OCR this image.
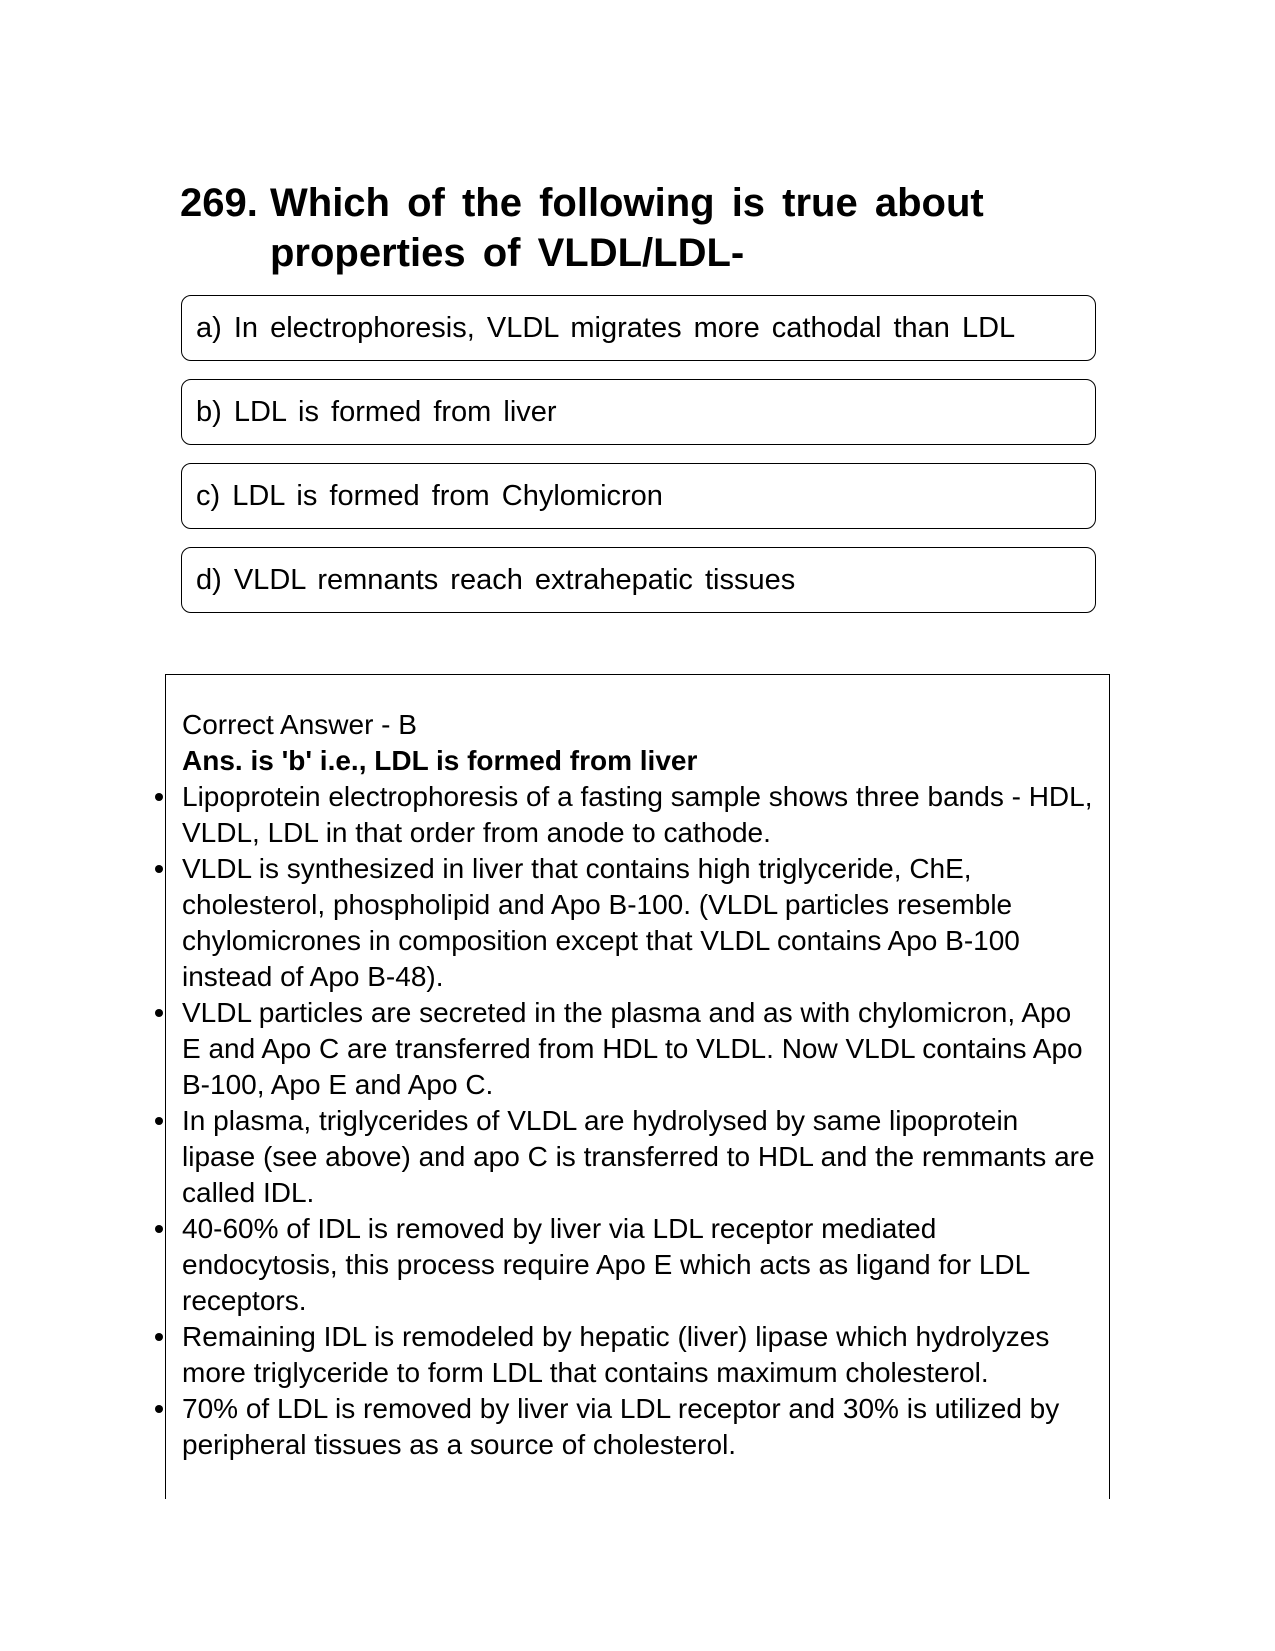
269. Which of the following is true about properties of VLDL/LDL-
a) In electrophoresis, VLDL migrates more cathodal than LDL
b) LDL is formed from liver
c) LDL is formed from Chylomicron
d) VLDL remnants reach extrahepatic tissues
Correct Answer - B
Ans. is 'b' i.e., LDL is formed from liver
Lipoprotein electrophoresis of a fasting sample shows three bands - HDL, VLDL, LDL in that order from anode to cathode.
VLDL is synthesized in liver that contains high triglyceride, ChE, cholesterol, phospholipid and Apo B-100. (VLDL particles resemble chylomicrones in composition except that VLDL contains Apo B-100 instead of Apo B-48).
VLDL particles are secreted in the plasma and as with chylomicron, Apo E and Apo C are transferred from HDL to VLDL. Now VLDL contains Apo B-100, Apo E and Apo C.
In plasma, triglycerides of VLDL are hydrolysed by same lipoprotein lipase (see above) and apo C is transferred to HDL and the remmants are called IDL.
40-60% of IDL is removed by liver via LDL receptor mediated endocytosis, this process require Apo E which acts as ligand for LDL receptors.
Remaining IDL is remodeled by hepatic (liver) lipase which hydrolyzes more triglyceride to form LDL that contains maximum cholesterol.
70% of LDL is removed by liver via LDL receptor and 30% is utilized by peripheral tissues as a source of cholesterol.
